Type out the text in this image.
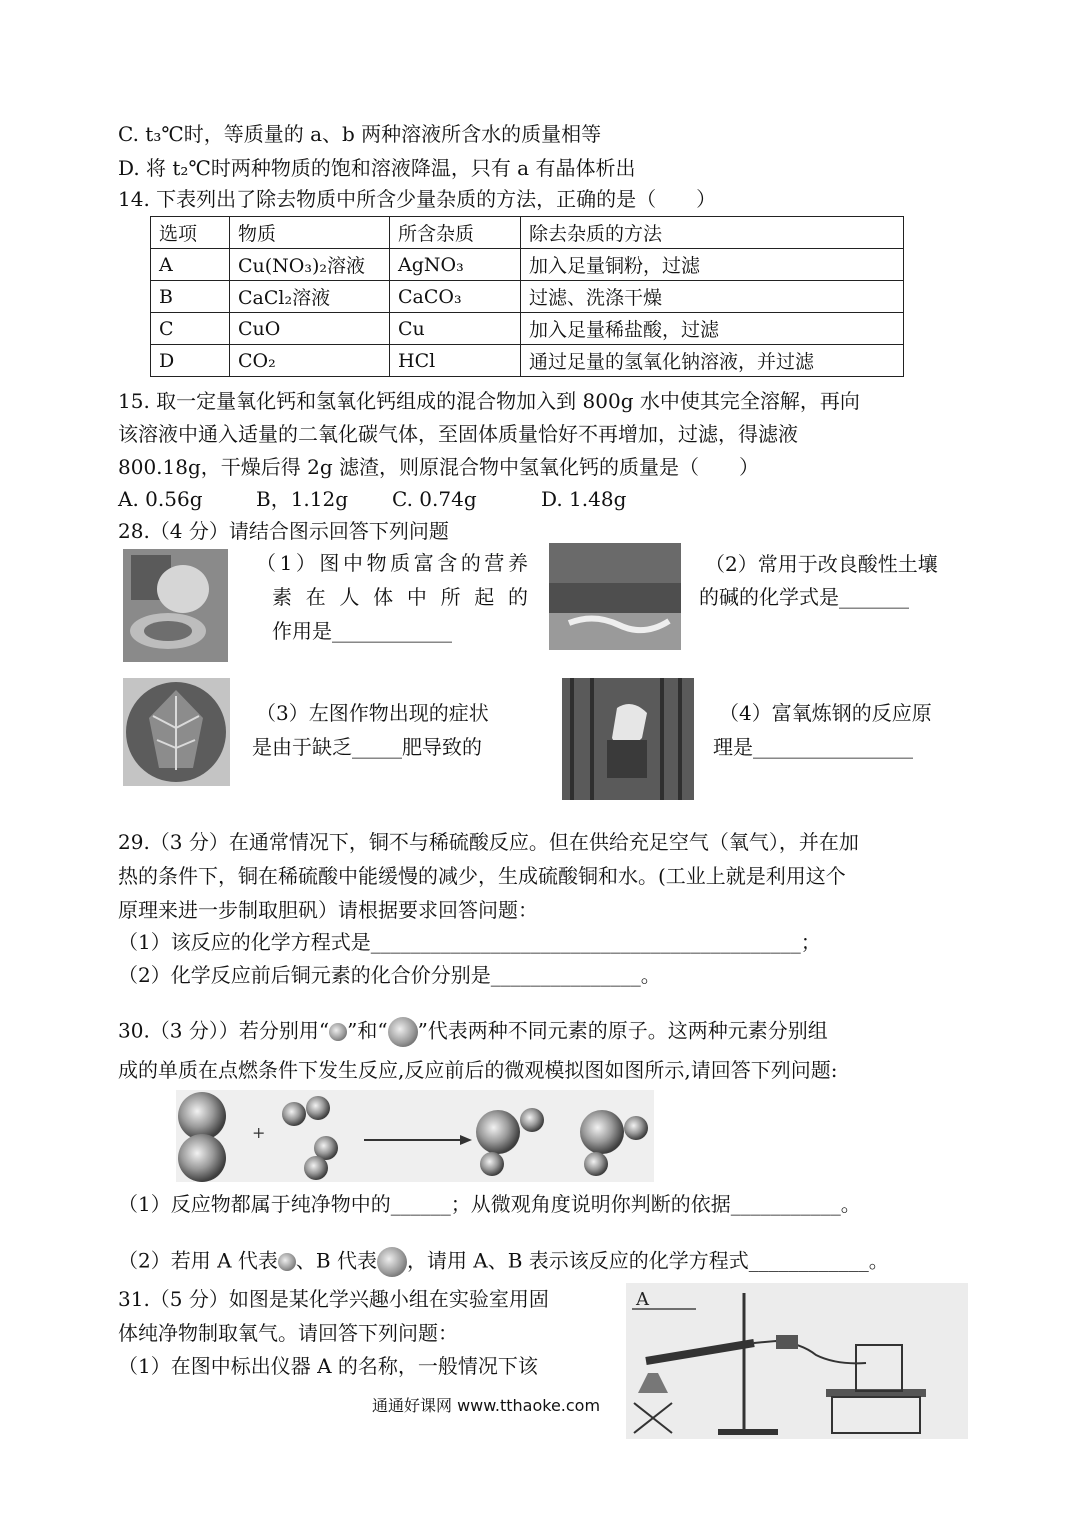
C. t₃℃时，等质量的 a、b 两种溶液所含水的质量相等
D. 将 t₂℃时两种物质的饱和溶液降温，只有 a 有晶体析出
14. 下表列出了除去物质中所含少量杂质的方法，正确的是（　　）
选项	物质	所含杂质	除去杂质的方法
A	Cu(NO₃)₂溶液	AgNO₃	加入足量铜粉，过滤
B	CaCl₂溶液	CaCO₃	过滤、洗涤干燥
C	CuO	Cu	加入足量稀盐酸，过滤
D	CO₂	HCl	通过足量的氢氧化钠溶液，并过滤
15. 取一定量氧化钙和氢氧化钙组成的混合物加入到 800g 水中使其完全溶解，再向
该溶液中通入适量的二氧化碳气体，至固体质量恰好不再增加，过滤，得滤液
800.18g，干燥后得 2g 滤渣，则原混合物中氢氧化钙的质量是（　　）
A. 0.56g	B，1.12g C. 0.74g	D. 1.48g
28.（4 分）请结合图示回答下列问题
（1）图中物质富含的营养
素在人体中所起的
作用是____________
（2）常用于改良酸性土壤
的碱的化学式是_______
（3）左图作物出现的症状
是由于缺乏_____肥导致的
（4）富氧炼钢的反应原
理是________________
29.（3 分）在通常情况下，铜不与稀硫酸反应。但在供给充足空气（氧气），并在加
热的条件下，铜在稀硫酸中能缓慢的减少，生成硫酸铜和水。(工业上就是利用这个
原理来进一步制取胆矾）请根据要求回答问题：
（1）该反应的化学方程式是___________________________________________；
（2）化学反应前后铜元素的化合价分别是_______________。
30.（3 分））若分别用“ ”和“ ”代表两种不同元素的原子。这两种元素分别组
成的单质在点燃条件下发生反应,反应前后的微观模拟图如图所示,请回答下列问题:
+
（1）反应物都属于纯净物中的______；从微观角度说明你判断的依据___________。
（2）若用 A 代表 、B 代表 ，请用 A、B 表示该反应的化学方程式____________。
31.（5 分）如图是某化学兴趣小组在实验室用固
体纯净物制取氧气。请回答下列问题：
（1）在图中标出仪器 A 的名称，一般情况下该
A
通通好课网 www.tthaoke.com
